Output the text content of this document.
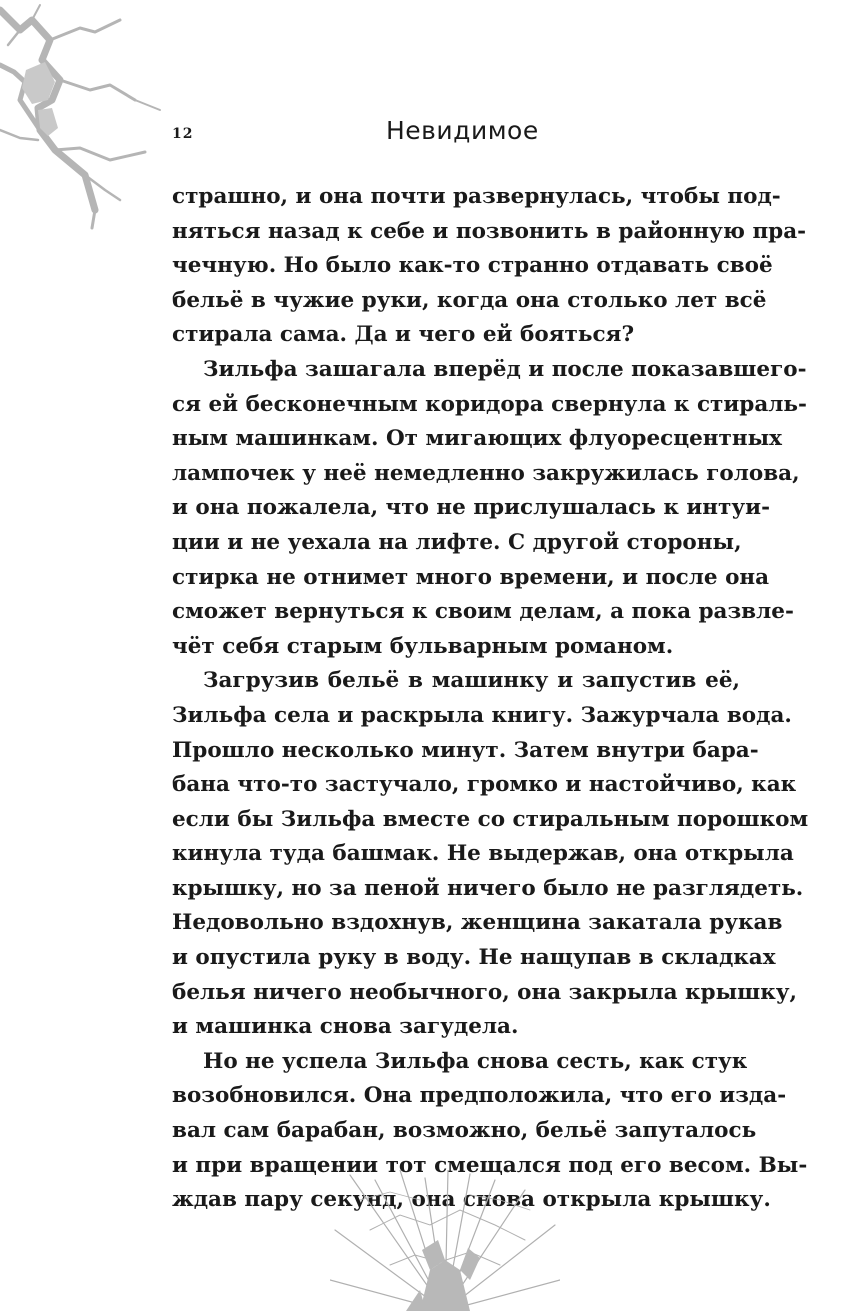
12	Невидимое
страшно, и она почти развернулась, чтобы под-
няться назад к себе и позвонить в районную пра-
чечную. Но было как-то странно отдавать своё
бельё в чужие руки, когда она столько лет всё
стирала сама. Да и чего ей бояться?
Зильфа зашагала вперёд и после показавшего-
ся ей бесконечным коридора свернула к стираль-
ным машинкам. От мигающих флуоресцентных
лампочек у неё немедленно закружилась голова,
и она пожалела, что не прислушалась к интуи-
ции и не уехала на лифте. С другой стороны,
стирка не отнимет много времени, и после она
сможет вернуться к своим делам, а пока развле-
чёт себя старым бульварным романом.
Загрузив бельё в машинку и запустив её,
Зильфа села и раскрыла книгу. Зажурчала вода.
Прошло несколько минут. Затем внутри бара-
бана что-то застучало, громко и настойчиво, как
если бы Зильфа вместе со стиральным порошком
кинула туда башмак. Не выдержав, она открыла
крышку, но за пеной ничего было не разглядеть.
Недовольно вздохнув, женщина закатала рукав
и опустила руку в воду. Не нащупав в складках
белья ничего необычного, она закрыла крышку,
и машинка снова загудела.
Но не успела Зильфа снова сесть, как стук
возобновился. Она предположила, что его изда-
вал сам барабан, возможно, бельё запуталось
и при вращении тот смещался под его весом. Вы-
ждав пару секунд, она снова открыла крышку.
